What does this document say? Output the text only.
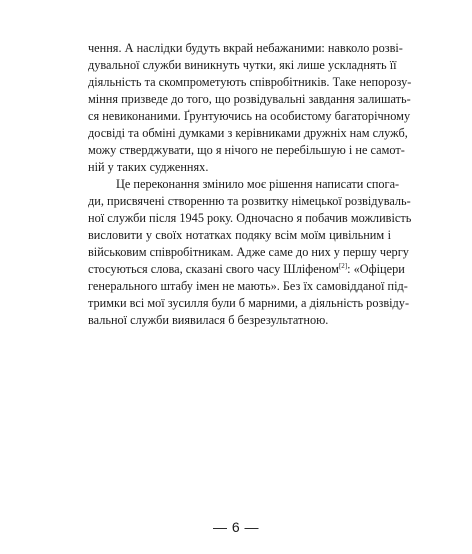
чення. А наслідки будуть вкрай небажаними: навколо розві-
дувальної служби виникнуть чутки, які лише ускладнять її
діяльність та скомпрометують співробітників. Таке непорозу-
міння призведе до того, що розвідувальні завдання залишать-
ся невиконаними. Ґрунтуючись на особистому багаторічному
досвіді та обміні думками з керівниками дружніх нам служб,
можу стверджувати, що я нічого не перебільшую і не самот-
ній у таких судженнях.
Це переконання змінило моє рішення написати спога-
ди, присвячені створенню та розвитку німецької розвідуваль-
ної служби після 1945 року. Одночасно я побачив можливість
висловити у своїх нотатках подяку всім моїм цивільним і
військовим співробітникам. Адже саме до них у першу чергу
стосуються слова, сказані свого часу Шліфеном[2]: «Офіцери
генерального штабу імен не мають». Без їх самовідданої під-
тримки всі мої зусилля були б марними, а діяльність розвіду-
вальної служби виявилася б безрезультатною.
— 6 —
